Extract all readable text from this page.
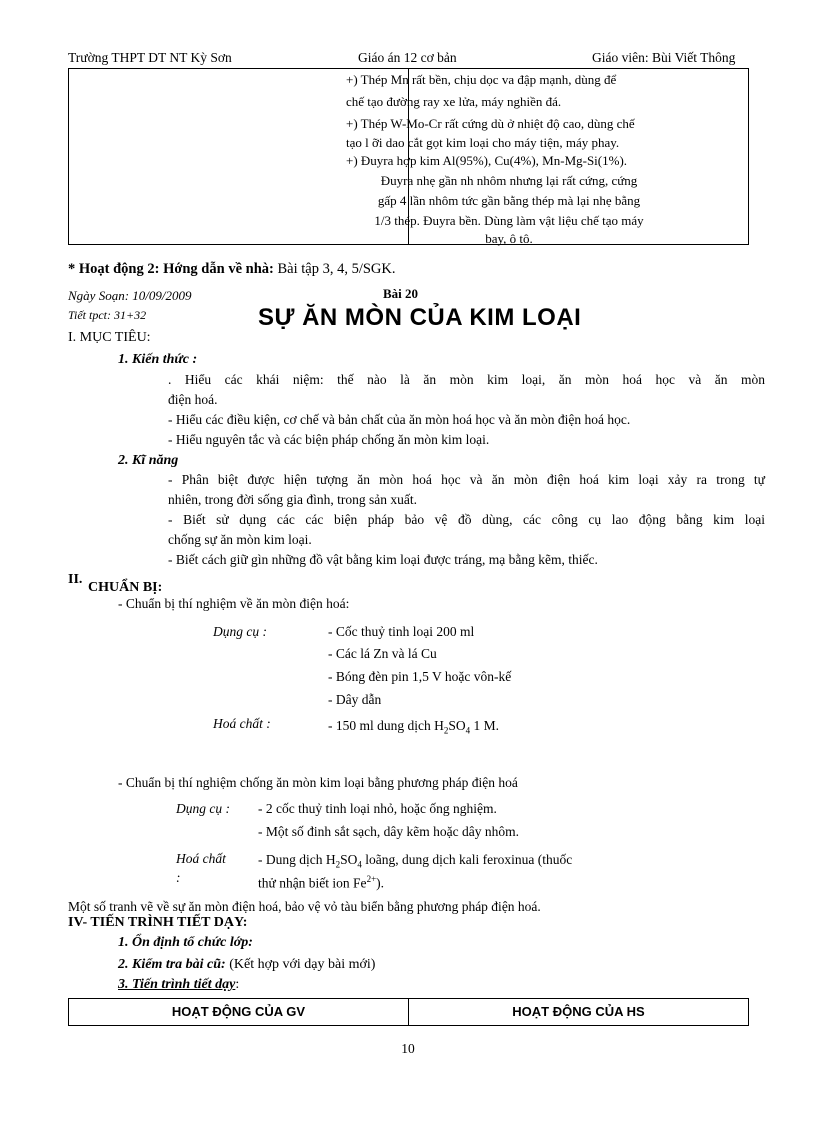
Trường THPT DT NT Kỳ Sơn	Giáo án 12 cơ bản	Giáo viên: Bùi Viết Thông
+) Thép Mn rất bền, chịu dọc va đập mạnh, dùng để
chế tạo đường ray xe lửa, máy nghiền đá.
+) Thép W-Mo-Cr rất cứng dù ở nhiệt độ cao, dùng chế
tạo l ỡi dao cắt gọt kim loại cho máy tiện, máy phay.
+) Đuyra hợp kim Al(95%), Cu(4%), Mn-Mg-Si(1%).
Đuyra nhẹ gần nh nhôm nhưng lại rất cứng, cứng
gấp 4 lần nhôm tức gần bằng thép mà lại nhẹ bằng
1/3 thép. Đuyra bền. Dùng làm vật liệu chế tạo máy
bay, ô tô.
* Hoạt động 2: Hớng dẫn về nhà: Bài tập 3, 4, 5/SGK.
Ngày Soạn: 10/09/2009
Tiết tpct: 31+32
Bài 20
SỰ ĂN MÒN CỦA KIM LOẠI
I. MỤC TIÊU:
1. Kiến thức :
. Hiểu các khái niệm: thế nào là ăn mòn kim loại, ăn mòn hoá học và ăn mòn
điện hoá.
- Hiểu các điều kiện, cơ chế và bản chất của ăn mòn hoá học và ăn mòn điện hoá học.
- Hiểu nguyên tắc và các biện pháp chống ăn mòn kim loại.
2. Kĩ năng
- Phân biệt được hiện tượng ăn mòn hoá học và ăn mòn điện hoá kim loại xảy ra trong tự
nhiên, trong đời sống gia đình, trong sản xuất.
- Biết sử dụng các các biện pháp bảo vệ đồ dùng, các công cụ lao động bằng kim loại
chống sự ăn mòn kim loại.
- Biết cách giữ gìn những đồ vật bằng kim loại được tráng, mạ bằng kẽm, thiếc.
II.
CHUẨN BỊ:
- Chuẩn bị thí nghiệm về ăn mòn điện hoá:
Dụng cụ :	- Cốc thuỷ tinh loại 200 ml
- Các lá Zn và lá Cu
- Bóng đèn pin 1,5 V hoặc vôn-kế
- Dây dẫn
Hoá chất :	- 150 ml dung dịch $H_2SO_4$ 1 M.
- Chuẩn bị thí nghiệm chống ăn mòn kim loại bằng phương pháp điện hoá
Dụng cụ : - 2 cốc thuỷ tinh loại nhỏ, hoặc ống nghiệm.
- Một số đinh sắt sạch, dây kẽm hoặc dây nhôm.
Hoá chất
:
- Dung dịch $H_2SO_4$ loãng, dung dịch kali feroxinua (thuốc
thử nhận biết ion $Fe^{2+}$).
Một số tranh vẽ về sự ăn mòn điện hoá, bảo vệ vỏ tàu biển bằng phương pháp điện hoá.
IV- TIẾN TRÌNH TIẾT DẠY:
1. Ổn định tổ chức lớp:
2. Kiểm tra bài cũ: (Kết hợp với dạy bài mới)
3. Tiến trình tiết dạy:
HOẠT ĐỘNG CỦA GV	HOẠT ĐỘNG CỦA HS
10
